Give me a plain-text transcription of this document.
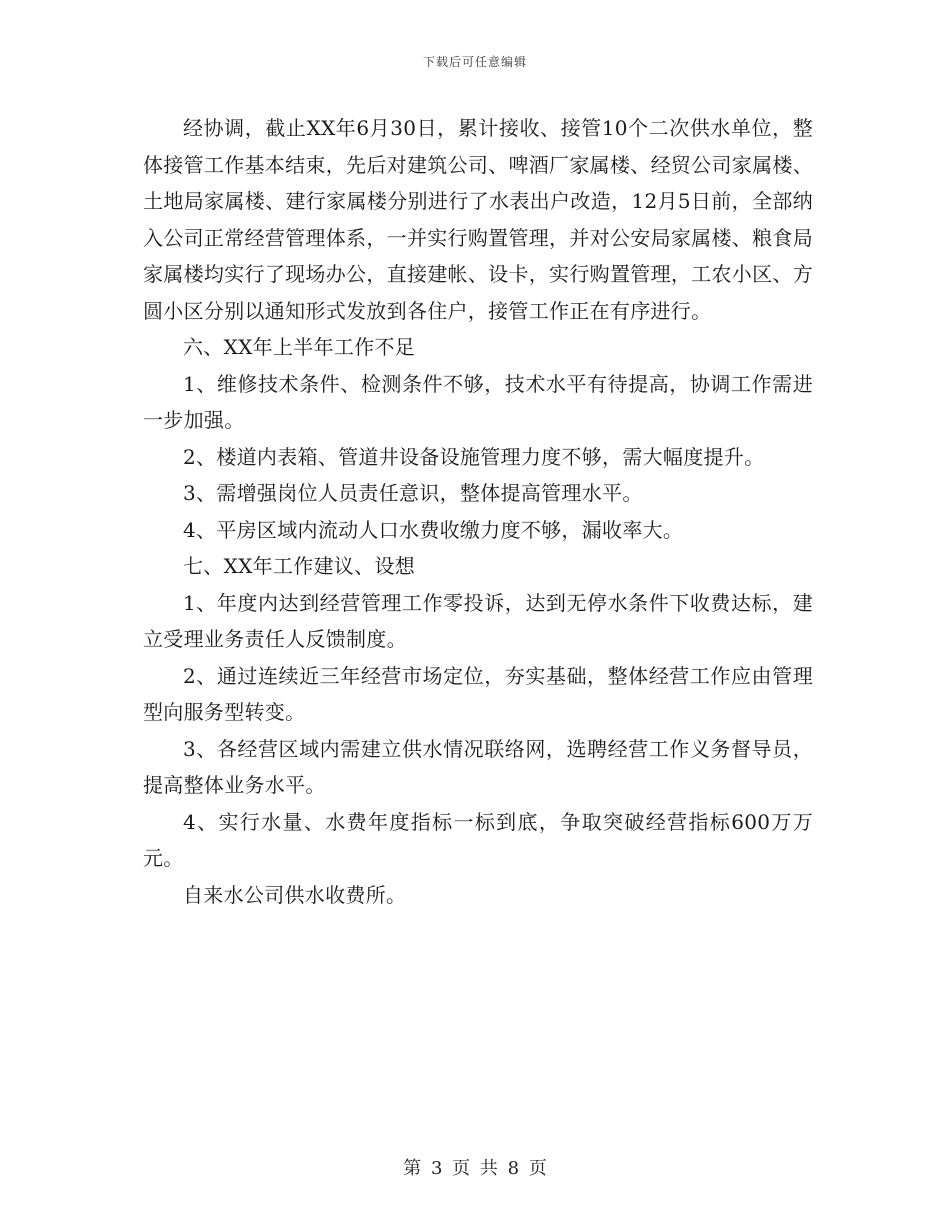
下载后可任意编辑

经协调，截止XX年6月30日，累计接收、接管10个二次供水单位，整体接管工作基本结束，先后对建筑公司、啤酒厂家属楼、经贸公司家属楼、土地局家属楼、建行家属楼分别进行了水表出户改造，12月5日前，全部纳入公司正常经营管理体系，一并实行购置管理，并对公安局家属楼、粮食局家属楼均实行了现场办公，直接建帐、设卡，实行购置管理，工农小区、方圆小区分别以通知形式发放到各住户，接管工作正在有序进行。

六、XX年上半年工作不足

1、维修技术条件、检测条件不够，技术水平有待提高，协调工作需进一步加强。

2、楼道内表箱、管道井设备设施管理力度不够，需大幅度提升。

3、需增强岗位人员责任意识，整体提高管理水平。

4、平房区域内流动人口水费收缴力度不够，漏收率大。

七、XX年工作建议、设想

1、年度内达到经营管理工作零投诉，达到无停水条件下收费达标，建立受理业务责任人反馈制度。

2、通过连续近三年经营市场定位，夯实基础，整体经营工作应由管理型向服务型转变。

3、各经营区域内需建立供水情况联络网，选聘经营工作义务督导员，提高整体业务水平。

4、实行水量、水费年度指标一标到底，争取突破经营指标600万万元。

自来水公司供水收费所。

第 3 页 共 8 页
